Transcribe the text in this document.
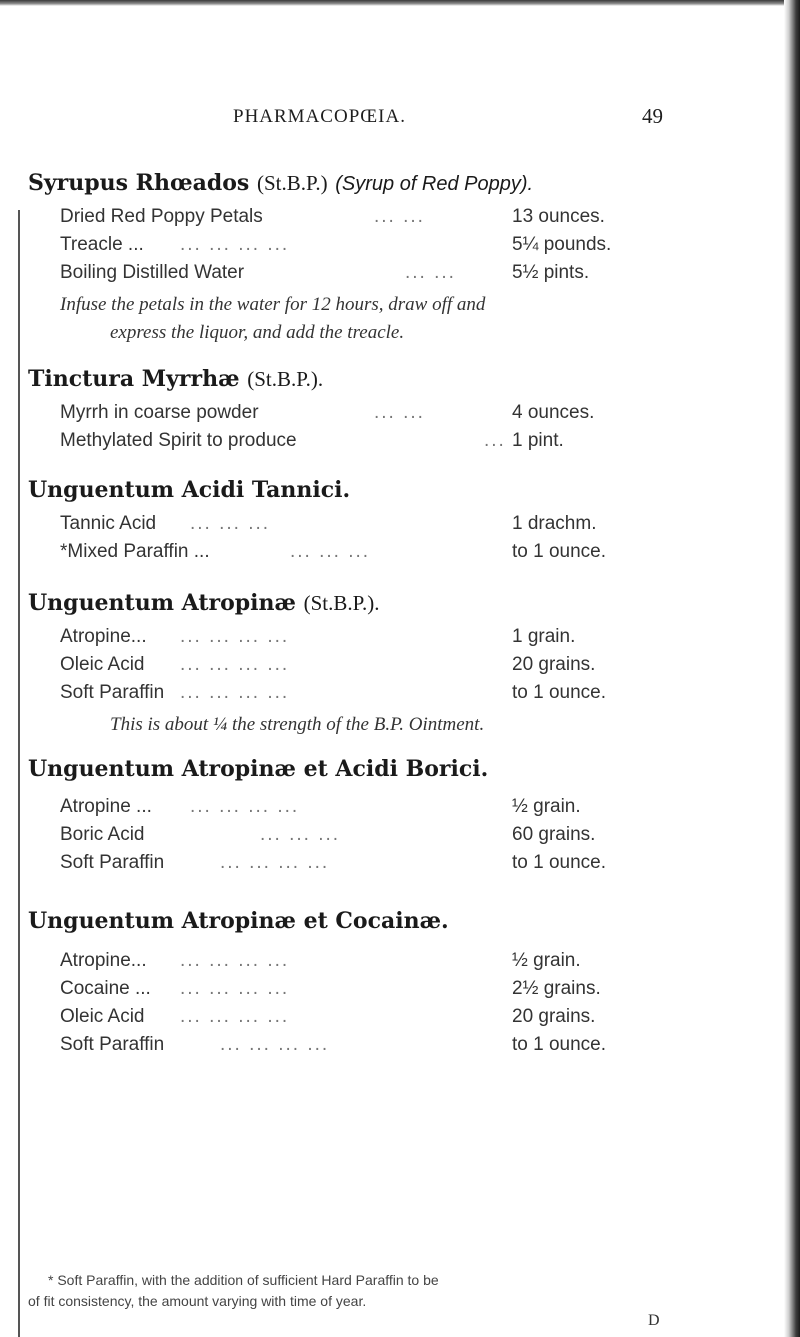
PHARMACOPŒIA.	49
Syrupus Rhœados (St.B.P.) (Syrup of Red Poppy).
Dried Red Poppy Petals	... ...	13 ounces.
Treacle ... ... ... ... ...	5¼ pounds.
Boiling Distilled Water	... ...	5½ pints.
Infuse the petals in the water for 12 hours, draw off and
express the liquor, and add the treacle.
Tinctura Myrrhæ (St.B.P.).
Myrrh in coarse powder	... ...	4 ounces.
Methylated Spirit to produce	... 1 pint.
Unguentum Acidi Tannici.
Tannic Acid ... ... ...	1 drachm.
*Mixed Paraffin ...	... ... ...	to 1 ounce.
Unguentum Atropinæ (St.B.P.).
Atropine... ... ... ... ...	1 grain.
Oleic Acid ... ... ... ...	20 grains.
Soft Paraffin ... ... ... ...	to 1 ounce.
This is about ¼ the strength of the B.P. Ointment.
Unguentum Atropinæ et Acidi Borici.
Atropine ... ... ... ... ...	½ grain.
Boric Acid	... ... ...	60 grains.
Soft Paraffin	... ... ... ...	to 1 ounce.
Unguentum Atropinæ et Cocainæ.
Atropine... ... ... ... ...	½ grain.
Cocaine ... ... ... ... ...	2½ grains.
Oleic Acid ... ... ... ...	20 grains.
Soft Paraffin	... ... ... ...	to 1 ounce.
* Soft Paraffin, with the addition of sufficient Hard Paraffin to be
of fit consistency, the amount varying with time of year.
D
